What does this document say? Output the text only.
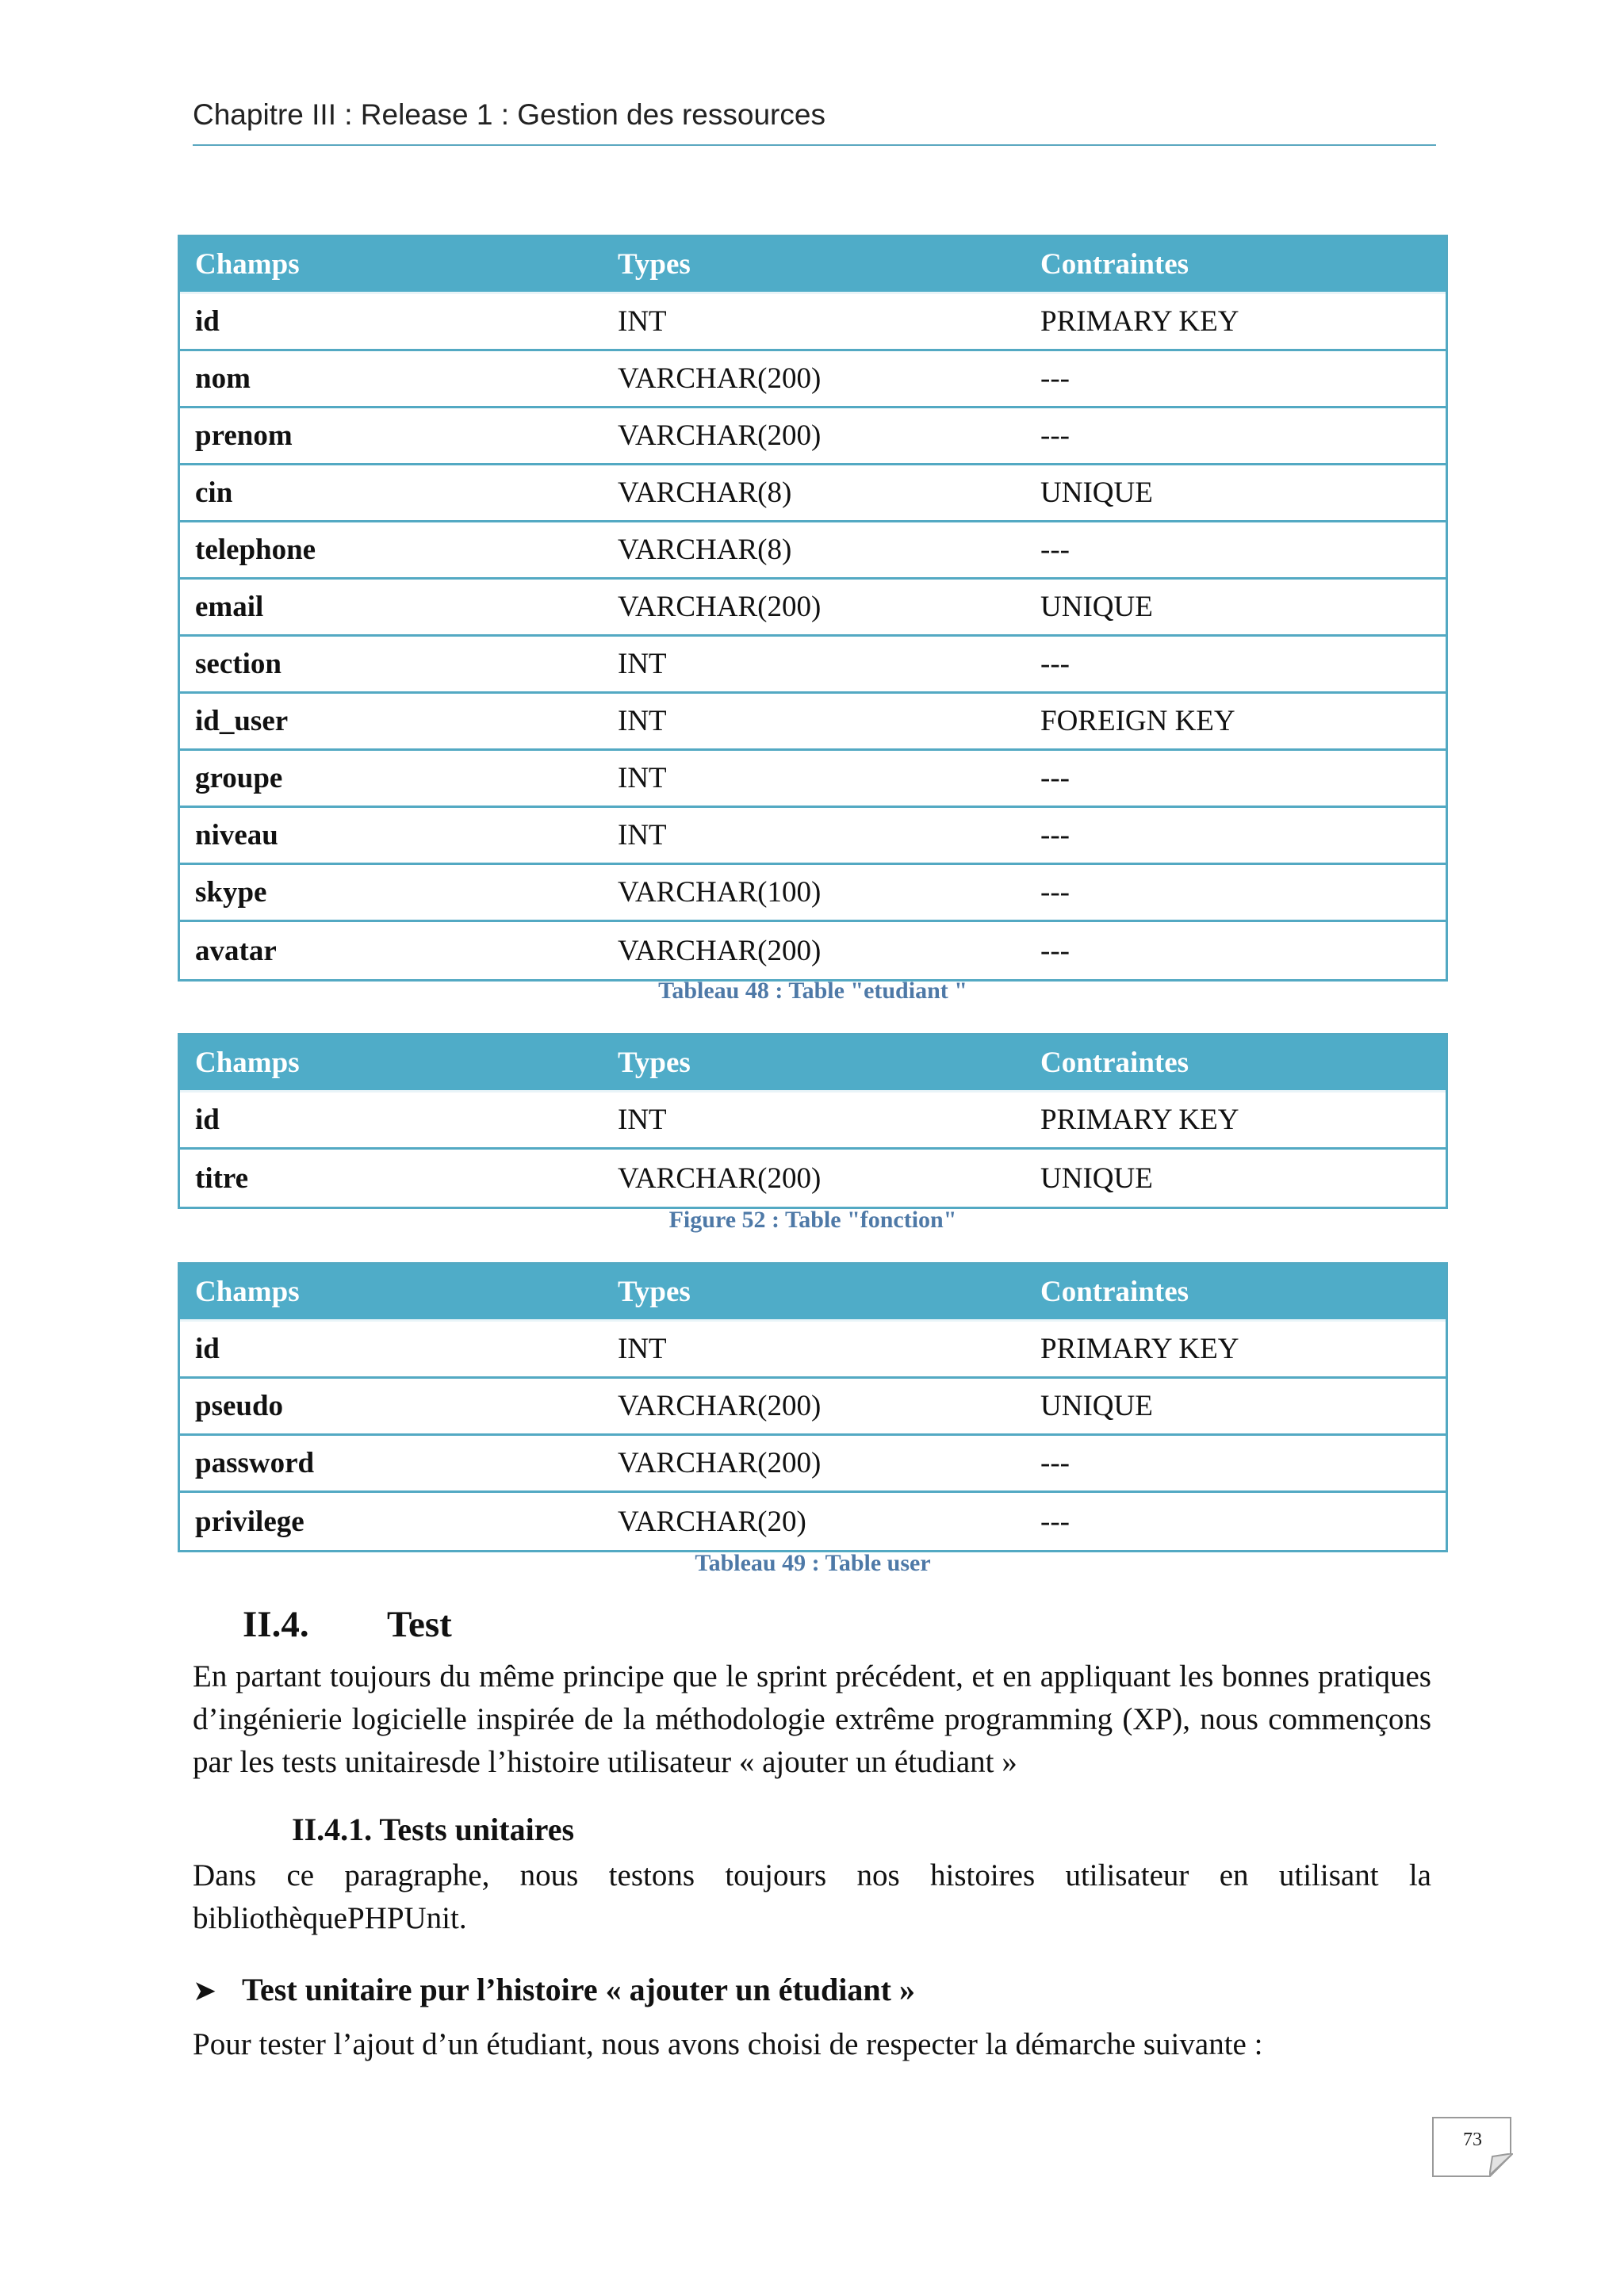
Chapitre III : Release 1 : Gestion des ressources
Champs	Types	Contraintes
id	INT	PRIMARY KEY
nom	VARCHAR(200)	---
prenom	VARCHAR(200)	---
cin	VARCHAR(8)	UNIQUE
telephone	VARCHAR(8)	---
email	VARCHAR(200)	UNIQUE
section	INT	---
id_user	INT	FOREIGN KEY
groupe	INT	---
niveau	INT	---
skype	VARCHAR(100)	---
avatar	VARCHAR(200)	---
Tableau 48 : Table "etudiant "
Champs	Types	Contraintes
id	INT	PRIMARY KEY
titre	VARCHAR(200)	UNIQUE
Figure 52 : Table "fonction"
Champs	Types	Contraintes
id	INT	PRIMARY KEY
pseudo	VARCHAR(200)	UNIQUE
password	VARCHAR(200)	---
privilege	VARCHAR(20)	---
Tableau 49 : Table user
II.4. Test
En partant toujours du même principe que le sprint précédent, et en appliquant les bonnes pratiques d’ingénierie logicielle inspirée de la méthodologie extrême programming (XP), nous commençons par les tests unitairesde l’histoire utilisateur « ajouter un étudiant »
II.4.1. Tests unitaires
Dans ce paragraphe, nous testons toujours nos histoires utilisateur en utilisant la bibliothèquePHPUnit.
➤ Test unitaire pur l’histoire « ajouter un étudiant »
Pour tester l’ajout d’un étudiant, nous avons choisi de respecter la démarche suivante :
73
